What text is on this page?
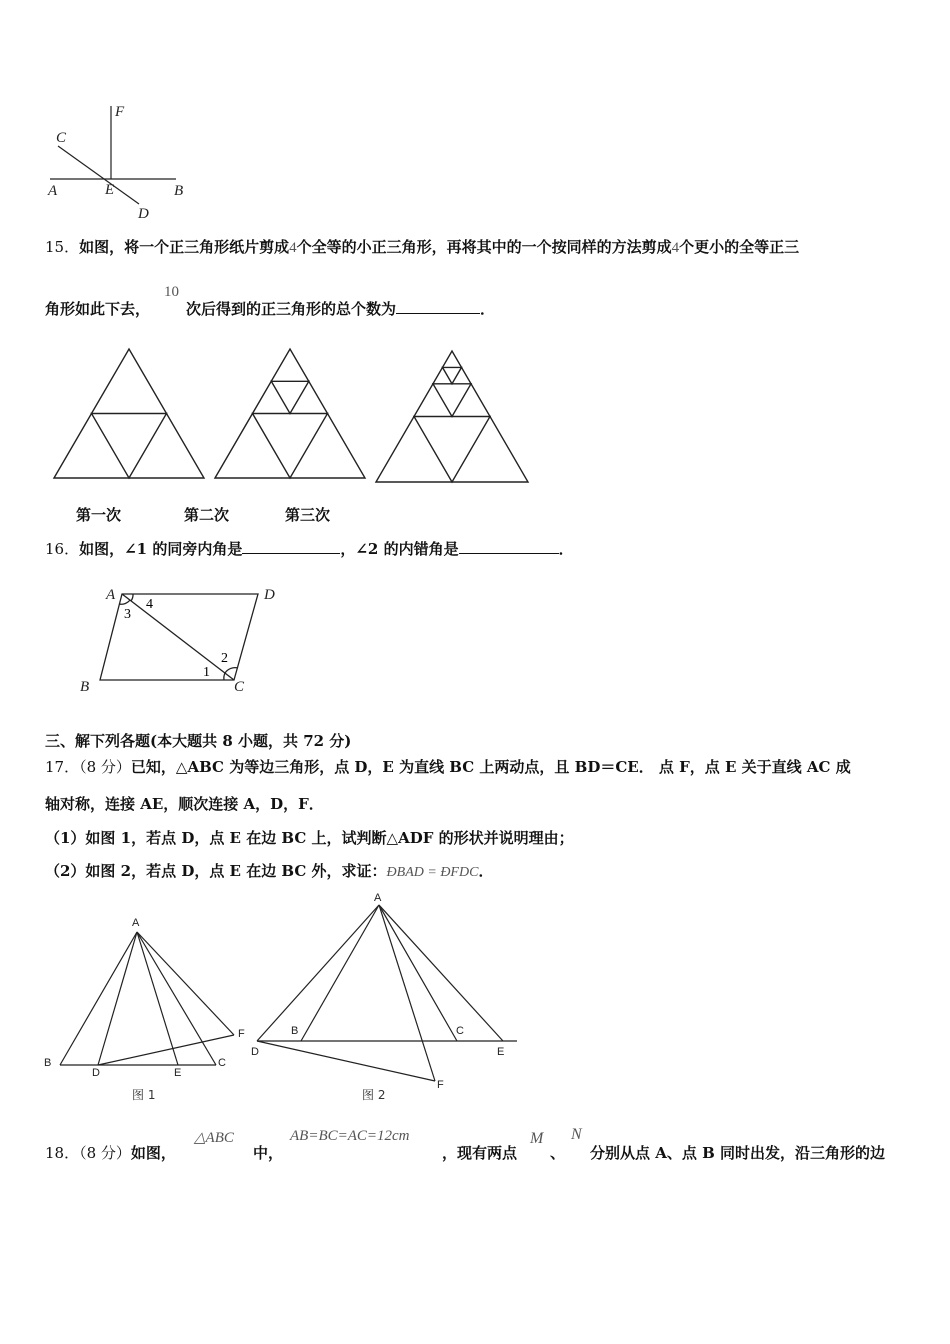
F
C
A	E	B
D
15．如图，将一个正三角形纸片剪成4个全等的小正三角形，再将其中的一个按同样的方法剪成4个更小的全等正三
角形如此下去，
10
次后得到的正三角形的总个数为	．
第一次	第二次	第三次
16．如图，∠1 的同旁内角是	，∠2 的内错角是	．
A	D
B	C
4
3
2
1
三、解下列各题(本大题共 8 小题，共 72 分)
17．（8 分）已知，△ABC 为等边三角形，点 D，E 为直线 BC 上两动点，且 BD＝CE． 点 F，点 E 关于直线 AC 成
轴对称，连接 AE，顺次连接 A，D，F．
（1）如图 1，若点 D，点 E 在边 BC 上，试判断△ADF 的形状并说明理由；
（2）如图 2，若点 D，点 E 在边 BC 外，求证：ÐBAD = ÐFDC．
A
B
D	E
C
F
图 1
A
B	C
D	E
F
图 2
18．（8 分）如图，
△ABC
中，
AB=BC=AC=12cm
，现有两点
M
、
N
分别从点 A、点 B 同时出发，沿三角形的边
